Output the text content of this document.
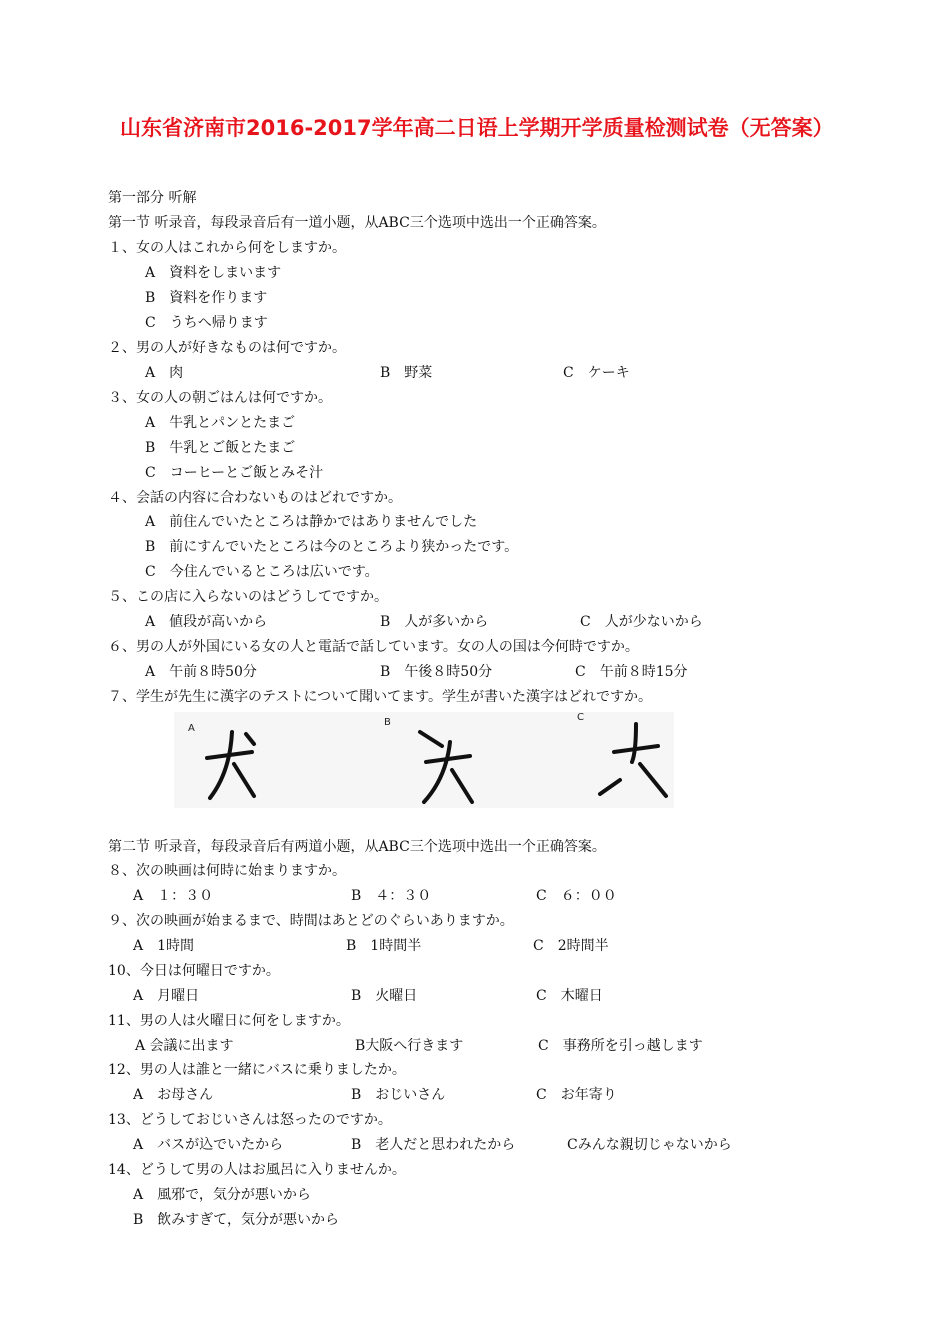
山东省济南市2016-2017学年高二日语上学期开学质量检测试卷（无答案）
第一部分 听解
第一节 听录音，每段录音后有一道小题，从ABC三个选项中选出一个正确答案。
１、女の人はこれから何をしますか。
A　資料をしまいます
B　資料を作ります
C　うちへ帰ります
２、男の人が好きなものは何ですか。
A　肉	B　野菜	C　ケーキ
３、女の人の朝ごはんは何ですか。
A　牛乳とパンとたまご
B　牛乳とご飯とたまご
C　コーヒーとご飯とみそ汁
４、会話の内容に合わないものはどれですか。
A　前住んでいたところは静かではありませんでした
B　前にすんでいたところは今のところより狭かったです。
C　今住んでいるところは広いです。
５、この店に入らないのはどうしてですか。
A　値段が高いから	B　人が多いから	C　人が少ないから
６、男の人が外国にいる女の人と電話で話しています。女の人の国は今何時ですか。
A　午前８時50分	B　午後８時50分	C　午前８時15分
７、学生が先生に漢字のテストについて聞いてます。学生が書いた漢字はどれですか。
A
B	C
第二节 听录音，每段录音后有两道小题，从ABC三个选项中选出一个正确答案。
８、次の映画は何時に始まりますか。
A　１：３０	B　４：３０	C　６：００
９、次の映画が始まるまで、時間はあとどのぐらいありますか。
A　1時間	B　1時間半	C　2時間半
10、今日は何曜日ですか。
A　月曜日	B　火曜日	C　木曜日
11、男の人は火曜日に何をしますか。
A 会議に出ます	B大阪へ行きます	C　事務所を引っ越します
12、男の人は誰と一緒にバスに乗りましたか。
A　お母さん	B　おじいさん	C　お年寄り
13、どうしておじいさんは怒ったのですか。
A　バスが込でいたから	B　老人だと思われたから	Cみんな親切じゃないから
14、どうして男の人はお風呂に入りませんか。
A　風邪で，気分が悪いから
B　飲みすぎて，気分が悪いから
